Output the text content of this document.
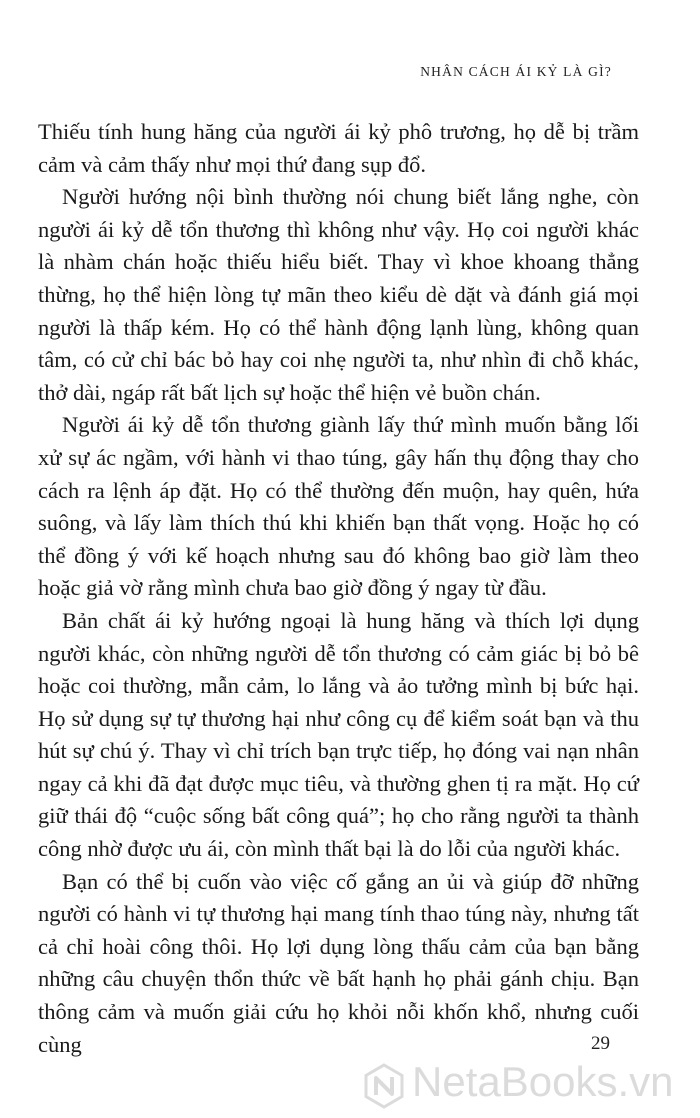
NHÂN CÁCH ÁI KỶ LÀ GÌ?

Thiếu tính hung hăng của người ái kỷ phô trương, họ dễ bị trầm cảm và cảm thấy như mọi thứ đang sụp đổ.

Người hướng nội bình thường nói chung biết lắng nghe, còn người ái kỷ dễ tổn thương thì không như vậy. Họ coi người khác là nhàm chán hoặc thiếu hiểu biết. Thay vì khoe khoang thẳng thừng, họ thể hiện lòng tự mãn theo kiểu dè dặt và đánh giá mọi người là thấp kém. Họ có thể hành động lạnh lùng, không quan tâm, có cử chỉ bác bỏ hay coi nhẹ người ta, như nhìn đi chỗ khác, thở dài, ngáp rất bất lịch sự hoặc thể hiện vẻ buồn chán.

Người ái kỷ dễ tổn thương giành lấy thứ mình muốn bằng lối xử sự ác ngầm, với hành vi thao túng, gây hấn thụ động thay cho cách ra lệnh áp đặt. Họ có thể thường đến muộn, hay quên, hứa suông, và lấy làm thích thú khi khiến bạn thất vọng. Hoặc họ có thể đồng ý với kế hoạch nhưng sau đó không bao giờ làm theo hoặc giả vờ rằng mình chưa bao giờ đồng ý ngay từ đầu.

Bản chất ái kỷ hướng ngoại là hung hăng và thích lợi dụng người khác, còn những người dễ tổn thương có cảm giác bị bỏ bê hoặc coi thường, mẫn cảm, lo lắng và ảo tưởng mình bị bức hại. Họ sử dụng sự tự thương hại như công cụ để kiểm soát bạn và thu hút sự chú ý. Thay vì chỉ trích bạn trực tiếp, họ đóng vai nạn nhân ngay cả khi đã đạt được mục tiêu, và thường ghen tị ra mặt. Họ cứ giữ thái độ “cuộc sống bất công quá”; họ cho rằng người ta thành công nhờ được ưu ái, còn mình thất bại là do lỗi của người khác.

Bạn có thể bị cuốn vào việc cố gắng an ủi và giúp đỡ những người có hành vi tự thương hại mang tính thao túng này, nhưng tất cả chỉ hoài công thôi. Họ lợi dụng lòng thấu cảm của bạn bằng những câu chuyện thổn thức về bất hạnh họ phải gánh chịu. Bạn thông cảm và muốn giải cứu họ khỏi nỗi khốn khổ, nhưng cuối cùng	29
NetaBooks.vn
